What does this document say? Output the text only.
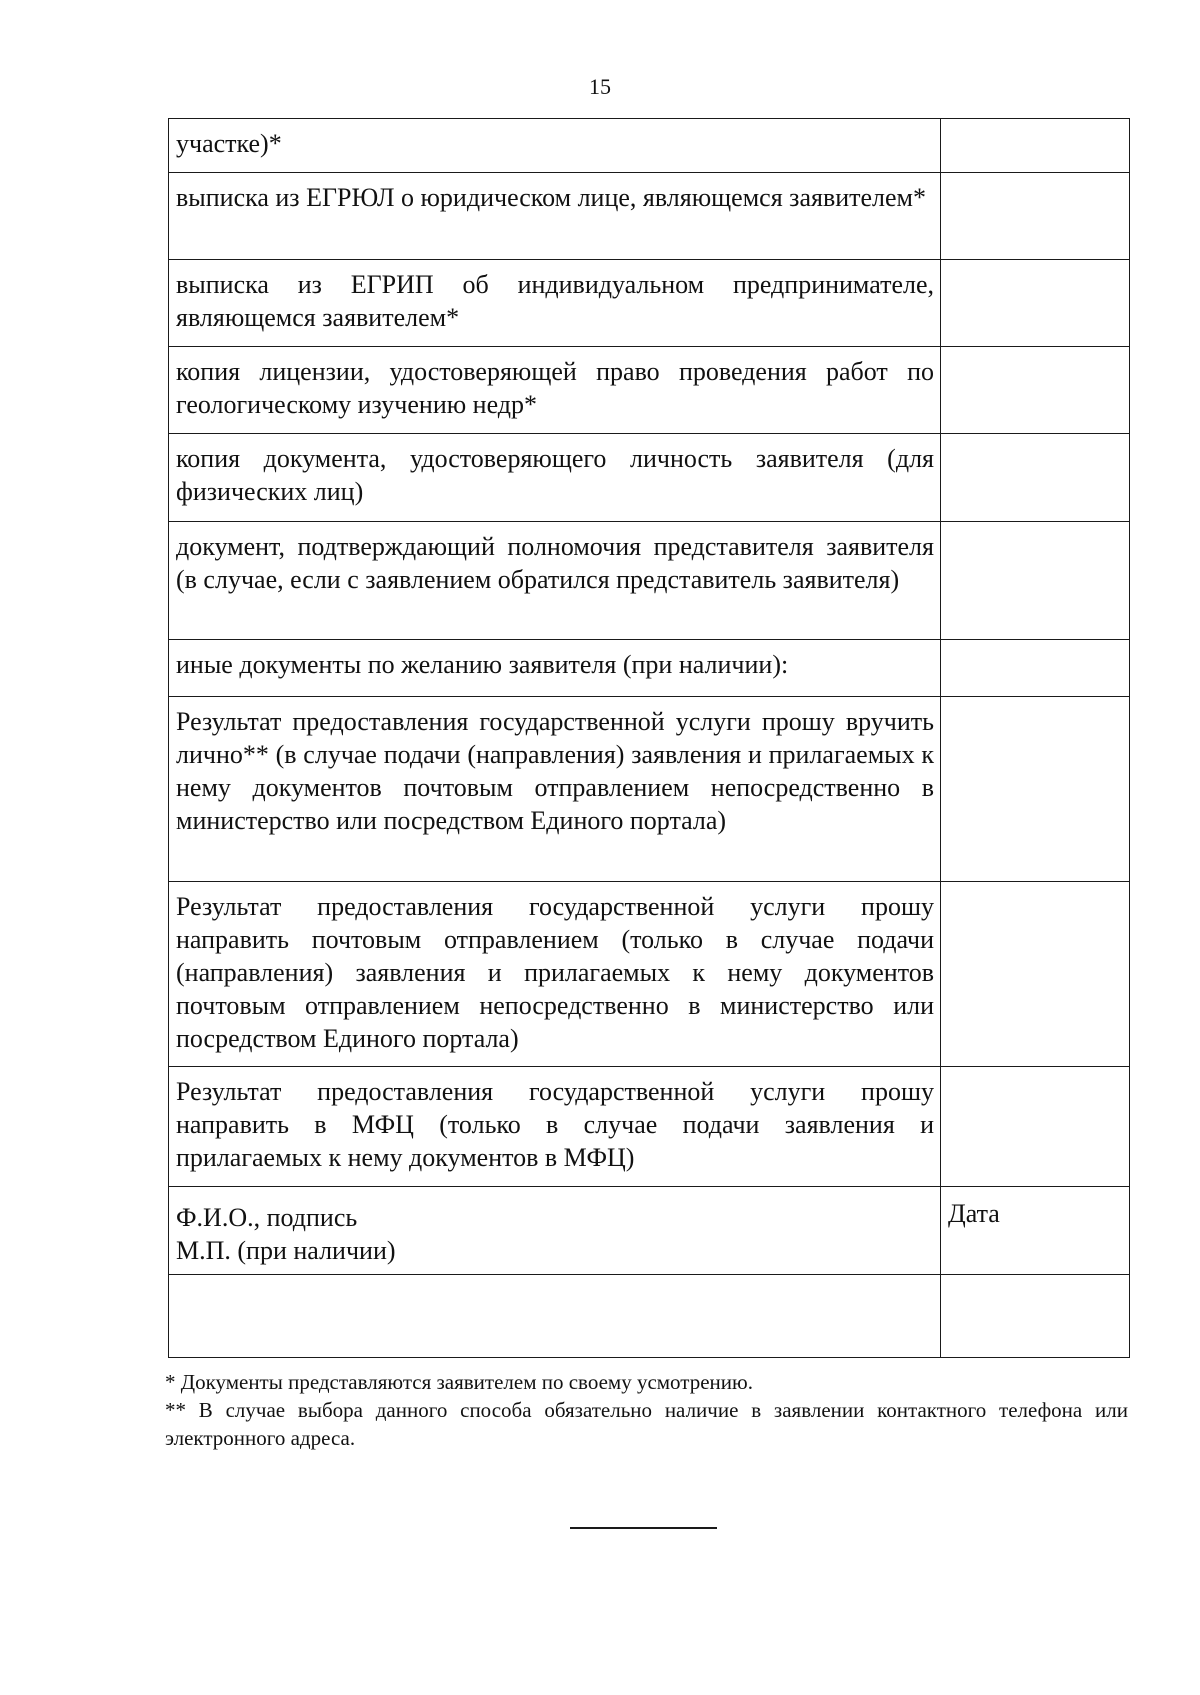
15
участке)*	
выписка из ЕГРЮЛ о юридическом лице, являющемся заявителем*	
выписка из ЕГРИП об индивидуальном предпринимателе, являющемся заявителем*	
копия лицензии, удостоверяющей право проведения работ по геологическому изучению недр*	
копия документа, удостоверяющего личность заявителя (для физических лиц)	
документ, подтверждающий полномочия представителя заявителя (в случае, если с заявлением обратился представитель заявителя)	
иные документы по желанию заявителя (при наличии):	
Результат предоставления государственной услуги прошу вручить лично** (в случае подачи (направления) заявления и прилагаемых к нему документов почтовым отправлением непосредственно в министерство или посредством Единого портала)	
Результат предоставления государственной услуги прошу направить почтовым отправлением (только в случае подачи (направления) заявления и прилагаемых к нему документов почтовым отправлением непосредственно в министерство или посредством Единого портала)	
Результат предоставления государственной услуги прошу направить в МФЦ (только в случае подачи заявления и прилагаемых к нему документов в МФЦ)	

Ф.И.О., подпись
М.П. (при наличии)	Дата

* Документы представляются заявителем по своему усмотрению.

** В случае выбора данного способа обязательно наличие в заявлении контактного телефона или электронного адреса.
